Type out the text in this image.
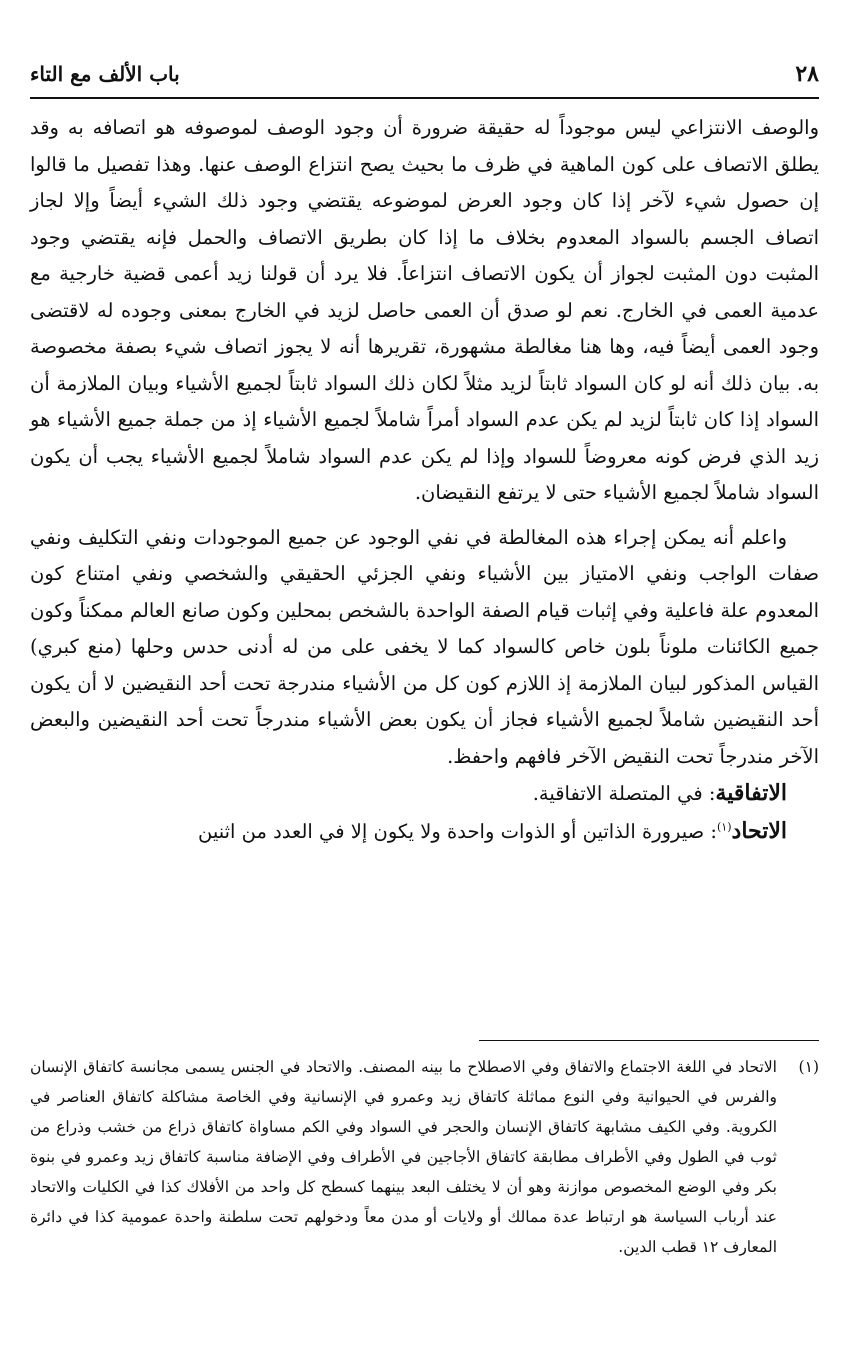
٢٨
باب الألف مع التاء

والوصف الانتزاعي ليس موجوداً له حقيقة ضرورة أن وجود الوصف لموصوفه هو اتصافه به وقد يطلق الاتصاف على كون الماهية في ظرف ما بحيث يصح انتزاع الوصف عنها. وهذا تفصيل ما قالوا إن حصول شيء لآخر إذا كان وجود العرض لموضوعه يقتضي وجود ذلك الشيء أيضاً وإلا لجاز اتصاف الجسم بالسواد المعدوم بخلاف ما إذا كان بطريق الاتصاف والحمل فإنه يقتضي وجود المثبت دون المثبت لجواز أن يكون الاتصاف انتزاعاً. فلا يرد أن قولنا زيد أعمى قضية خارجية مع عدمية العمى في الخارج. نعم لو صدق أن العمى حاصل لزيد في الخارج بمعنى وجوده له لاقتضى وجود العمى أيضاً فيه، وها هنا مغالطة مشهورة، تقريرها أنه لا يجوز اتصاف شيء بصفة مخصوصة به. بيان ذلك أنه لو كان السواد ثابتاً لزيد مثلاً لكان ذلك السواد ثابتاً لجميع الأشياء وبيان الملازمة أن السواد إذا كان ثابتاً لزيد لم يكن عدم السواد أمراً شاملاً لجميع الأشياء إذ من جملة جميع الأشياء هو زيد الذي فرض كونه معروضاً للسواد وإذا لم يكن عدم السواد شاملاً لجميع الأشياء يجب أن يكون السواد شاملاً لجميع الأشياء حتى لا يرتفع النقيضان.

واعلم أنه يمكن إجراء هذه المغالطة في نفي الوجود عن جميع الموجودات ونفي التكليف ونفي صفات الواجب ونفي الامتياز بين الأشياء ونفي الجزئي الحقيقي والشخصي ونفي امتناع كون المعدوم علة فاعلية وفي إثبات قيام الصفة الواحدة بالشخص بمحلين وكون صانع العالم ممكناً وكون جميع الكائنات ملوناً بلون خاص كالسواد كما لا يخفى على من له أدنى حدس وحلها (منع كبري) القياس المذكور لبيان الملازمة إذ اللازم كون كل من الأشياء مندرجة تحت أحد النقيضين لا أن يكون أحد النقيضين شاملاً لجميع الأشياء فجاز أن يكون بعض الأشياء مندرجاً تحت أحد النقيضين والبعض الآخر مندرجاً تحت النقيض الآخر فافهم واحفظ.

الاتفاقية: في المتصلة الاتفاقية.

الاتحاد$^{(١)}$: صيرورة الذاتين أو الذوات واحدة ولا يكون إلا في العدد من اثنين

(١)
الاتحاد في اللغة الاجتماع والاتفاق وفي الاصطلاح ما بينه المصنف. والاتحاد في الجنس يسمى مجانسة كاتفاق الإنسان والفرس في الحيوانية وفي النوع مماثلة كاتفاق زيد وعمرو في الإنسانية وفي الخاصة مشاكلة كاتفاق العناصر في الكروية. وفي الكيف مشابهة كاتفاق الإنسان والحجر في السواد وفي الكم مساواة كاتفاق ذراع من خشب وذراع من ثوب في الطول وفي الأطراف مطابقة كاتفاق الأجاجين في الأطراف وفي الإضافة مناسبة كاتفاق زيد وعمرو في بنوة بكر وفي الوضع المخصوص موازنة وهو أن لا يختلف البعد بينهما كسطح كل واحد من الأفلاك كذا في الكليات والاتحاد عند أرباب السياسة هو ارتباط عدة ممالك أو ولايات أو مدن معاً ودخولهم تحت سلطنة واحدة عمومية كذا في دائرة المعارف ١٢ قطب الدين.
